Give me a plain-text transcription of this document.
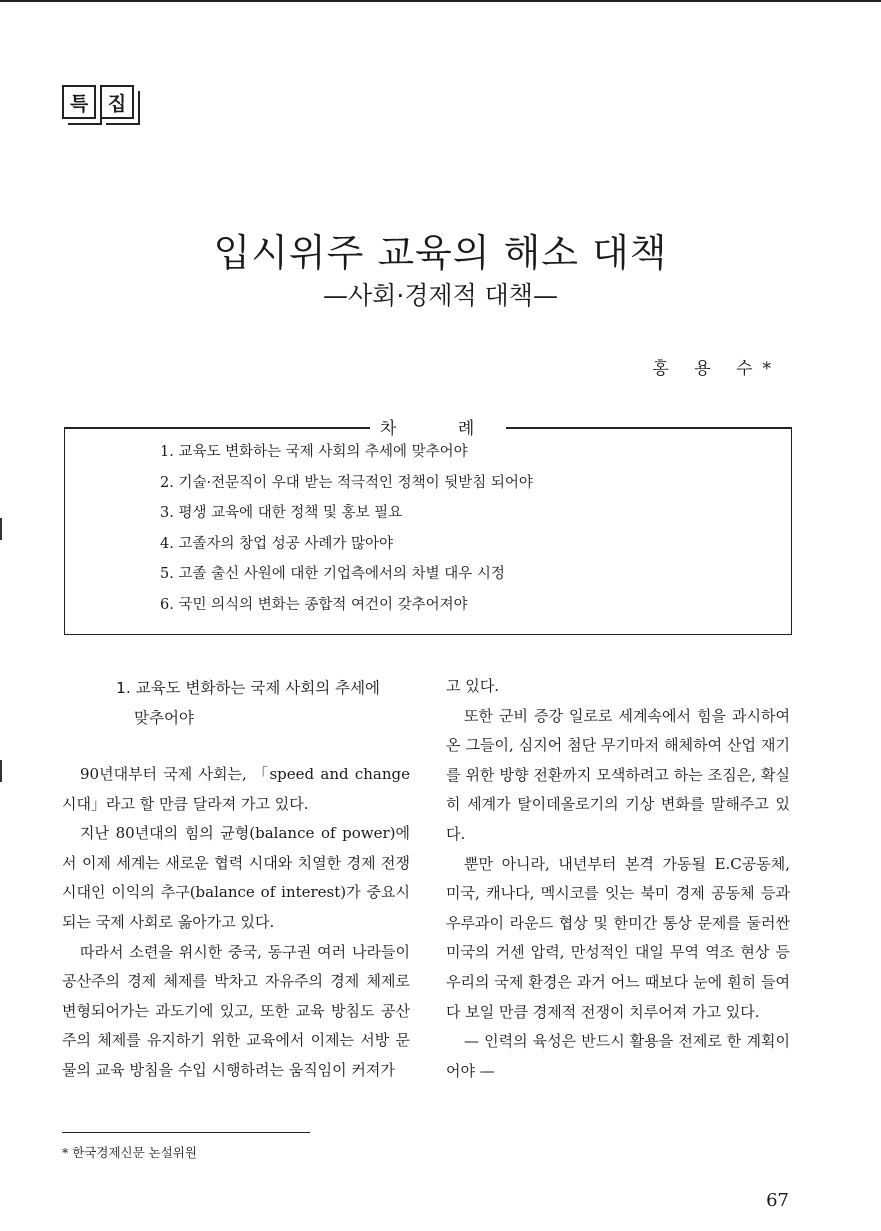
특	집
입시위주 교육의 해소 대책
—사회·경제적 대책—
홍 용 수*
차 례
1. 교육도 변화하는 국제 사회의 추세에 맞추어야
2. 기술·전문직이 우대 받는 적극적인 정책이 뒷받침 되어야
3. 평생 교육에 대한 정책 및 홍보 필요
4. 고졸자의 창업 성공 사례가 많아야
5. 고졸 출신 사원에 대한 기업측에서의 차별 대우 시정
6. 국민 의식의 변화는 종합적 여건이 갖추어져야
1. 교육도 변화하는 국제 사회의 추세에
맞추어야

90년대부터 국제 사회는, 「speed and change시대」라고 할 만큼 달라져 가고 있다.

지난 80년대의 힘의 균형(balance of power)에서 이제 세계는 새로운 협력 시대와 치열한 경제 전쟁 시대인 이익의 추구(balance of interest)가 중요시되는 국제 사회로 옮아가고 있다.

따라서 소련을 위시한 중국, 동구권 여러 나라들이 공산주의 경제 체제를 박차고 자유주의 경제 체제로 변형되어가는 과도기에 있고, 또한 교육 방침도 공산주의 체제를 유지하기 위한 교육에서 이제는 서방 문물의 교육 방침을 수입 시행하려는 움직임이 커져가

고 있다.

또한 군비 증강 일로로 세계속에서 힘을 과시하여 온 그들이, 심지어 첨단 무기마저 해체하여 산업 재기를 위한 방향 전환까지 모색하려고 하는 조짐은, 확실히 세계가 탈이데올로기의 기상 변화를 말해주고 있다.

뿐만 아니라, 내년부터 본격 가동될 E.C공동체, 미국, 캐나다, 멕시코를 잇는 북미 경제 공동체 등과 우루과이 라운드 협상 및 한미간 통상 문제를 둘러싼 미국의 거센 압력, 만성적인 대일 무역 역조 현상 등 우리의 국제 환경은 과거 어느 때보다 눈에 훤히 들여다 보일 만큼 경제적 전쟁이 치루어져 가고 있다.

— 인력의 육성은 반드시 활용을 전제로 한 계획이어야 —

* 한국경제신문 논설위원
67
